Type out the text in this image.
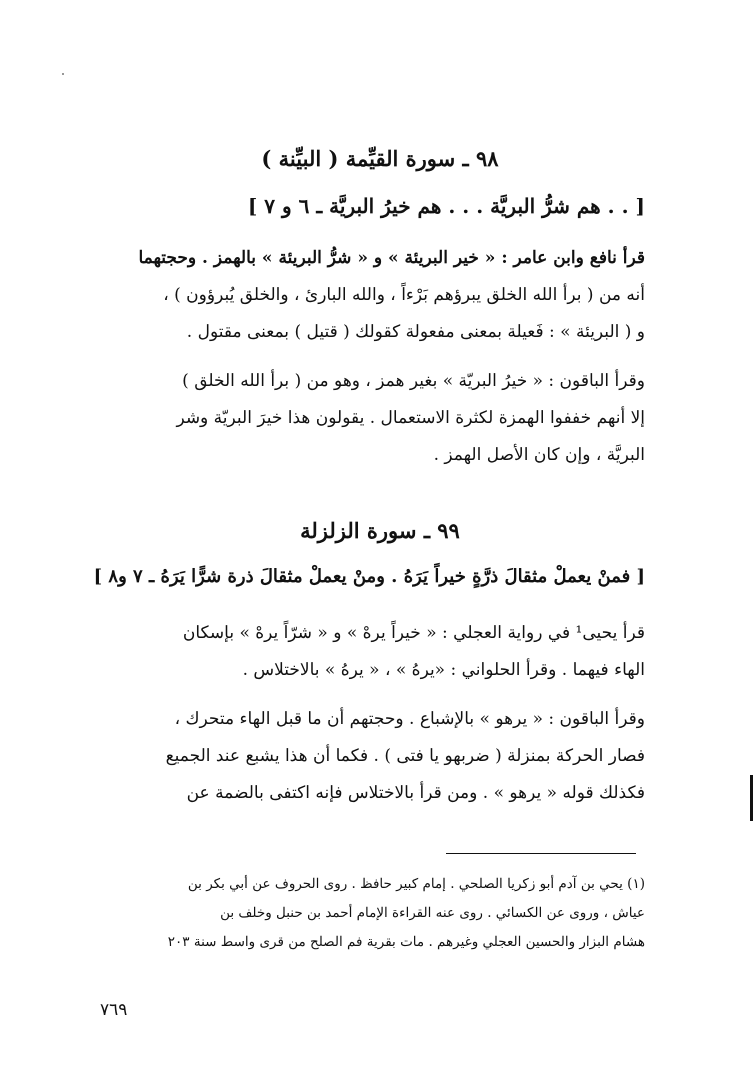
٩٨ ـ سورة القيِّمة ( البيِّنة )
[ . . هم شرُّ البريَّة . . . هم خيرُ البريَّة ـ ٦ و ٧ ]
قرأ نافع وابن عامر : « خير البريئة » و « شرُّ البريئة » بالهمز . وحجتهما
أنه من ( برأ الله الخلق يبرؤهم بَرْءاً ، والله البارئ ، والخلق يُبرؤون ) ،
و ( البريئة » : فَعيلة بمعنى مفعولة كقولك ( قتيل ) بمعنى مقتول .
وقرأ الباقون : « خيرُ البريّة » بغير همز ، وهو من ( برأ الله الخلق )
إلا أنهم خففوا الهمزة لكثرة الاستعمال . يقولون هذا خيرَ البريّة وشر
البريَّة ، وإن كان الأصل الهمز .
٩٩ ـ سورة الزلزلة
[ فمنْ يعملْ مثقالَ ذرَّةٍ خيراً يَرَهُ . ومنْ يعملْ مثقالَ ذرة شرًّا يَرَهُ ـ ٧ و٨ ]
قرأ يحيى¹ في رواية العجلي : « خيراً يرهْ » و « شرّاً يرهْ » بإسكان
الهاء فيهما . وقرأ الحلواني : «يرهُ » ، « يرهُ » بالاختلاس .
وقرأ الباقون : « يرهو » بالإشباع . وحجتهم أن ما قبل الهاء متحرك ،
فصار الحركة بمنزلة ( ضربهو يا فتى ) . فكما أن هذا يشبع عند الجميع
فكذلك قوله « يرهو » . ومن قرأ بالاختلاس فإنه اكتفى بالضمة عن
(١) يحي بن آدم أبو زكريا الصلحي . إمام كبير حافظ . روى الحروف عن أبي بكر بن
عياش ، وروى عن الكسائي . روى عنه القراءة الإمام أحمد بن حنبل وخلف بن
هشام البزار والحسين العجلي وغيرهم . مات بقرية فم الصلح من قرى واسط سنة ٢٠٣
٧٦٩
